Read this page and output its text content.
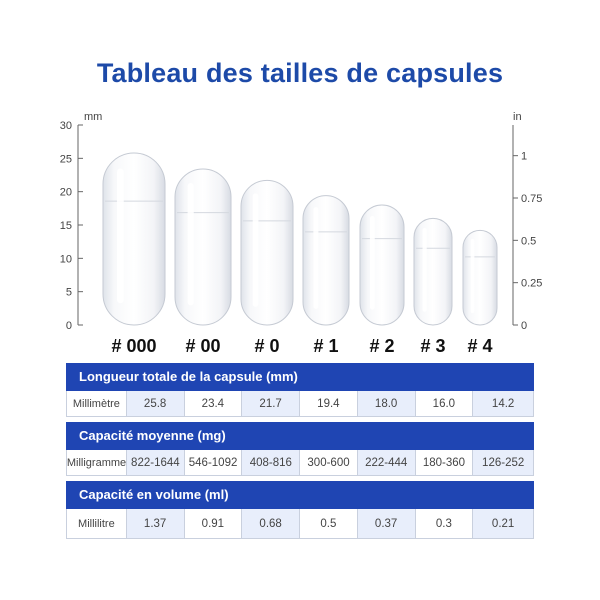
Tableau des tailles de capsules
0
5
10
15
20
25
30
mm
0
0.25
0.5
0.75
1
in
# 000 # 00 # 0 # 1 # 2 # 3 # 4
Longueur totale de la capsule (mm)
Millimètre	25.8	23.4	21.7	19.4	18.0	16.0	14.2
Capacité moyenne (mg)
Milligramme 822-1644 546-1092	408-816	300-600	222-444	180-360	126-252
Capacité en volume (ml)
Millilitre	1.37	0.91	0.68	0.5	0.37	0.3	0.21
